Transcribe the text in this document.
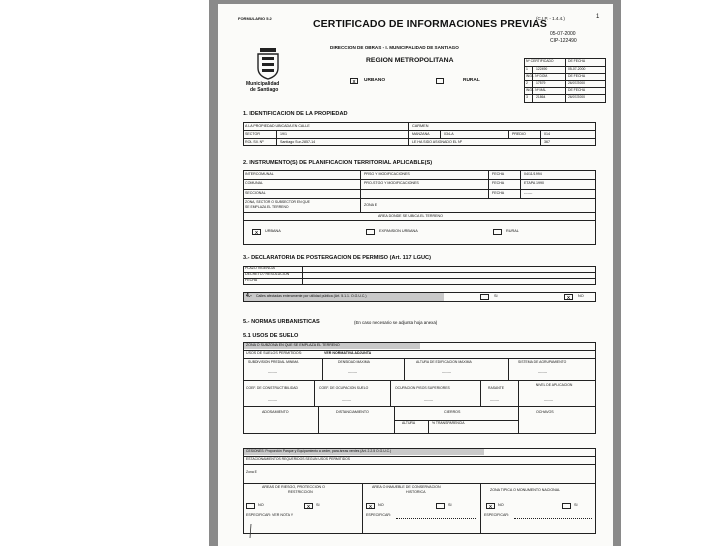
FORMULARIO 5.2	CERTIFICADO DE INFORMACIONES PREVIAS
(C.I.P. - 1.4.4.)	1
05-07-2000
CIP-122490
DIRECCION DE OBRAS - I. MUNICIPALIDAD DE SANTIAGO
Municipalidad
de Santiago
REGION METROPOLITANA
X	URBANO	RURAL
Nº CERTIFICADO	DE FECHA
1 122490	05-07-2000
INGL. Nº DOM.	DE FECHA
2 17579	26/07/2000
INGL. Nº MAL	DE FECHA
3 21864	26/07/2000
1. IDENTIFICACION DE LA PROPIEDAD
A LA PROPIEDAD UBICADA EN CALLE	CARMEN
SECTOR	19/1	MANZANA	034-A	PREDIO	014
ROL SII. Nº	Santiago Sur-2857-14	LE HA SIDO ASIGNADO EL Nº	367
2. INSTRUMENTO(S) DE PLANIFICACION TERRITORIAL APLICABLE(S)
INTERCOMUNAL	PRSG Y MODIFICACIONES	FECHA	04/11/1994
COMUNAL	PRO-STGO Y MODIFICACIONES	FECHA	ETAPA 1990
SECCIONAL	FECHA	-------
ZONA, SECTOR O SUBSECTOR EN QUE
SE EMPLAZA EL TERRENO	ZONA E
AREA DONDE SE UBICA EL TERRENO
X	URBANA	EXPANSION URBANA	RURAL
3.- DECLARATORIA DE POSTERGACION DE PERMISO (Art. 117 LGUC)
PLAZO VIGENCIA
DECRETO / RESOLUCION
FECHA
4.- Calles afectadas enteramente por utilidad pública (Art. 5.1.1. O.G.U.C.)	SI	X	NO
5.- NORMAS URBANISTICAS	(En caso necesario se adjunta hoja anexa)
5.1 USOS DE SUELO
ZONA O SUBZONA EN QUE SE EMPLAZA EL TERRENO
USOS DE SUELOS PERMITIDOS:	VER NORMATIVA ADJUNTA
SUBDIVISION PREDIAL MINIMA	DENSIDAD MAXIMA	ALTURA DE EDIFICACION MAXIMA	SISTEMA DE AGRUPAMIENTO
--------	--------	--------	--------
COEF. DE CONSTRUCTIBILIDAD	COEF. DE OCUPACION SUELO	OCUPACION PISOS SUPERIORES	RASANTE
NIVEL DE APLICACION
--------	--------	--------	--------	--------
ADOSAMIENTO	DISTANCIAMIENTO	CIERROS	OCHAVOS
ALTURA	% TRANSPARENCIA
CESIONES: Proporción Parque y Equipamiento a ceder, para áreas verdes (Art. 2.2.5 O.G.U.C.)
ESTACIONAMIENTOS REQUERIDOS SEGUN USOS PERMITIDOS
Zona E
AREAS DE RIESGO, PROTECCION O
RESTRICCION
AREA O INMUEBLE DE CONSERVACION
HISTORICA	ZONA TIPICA O MONUMENTO NACIONAL
NO	X	SI	X	NO	SI	X	NO	SI
ESPECIFICAR: VER NOTA Y	ESPECIFICAR:	ESPECIFICAR:
